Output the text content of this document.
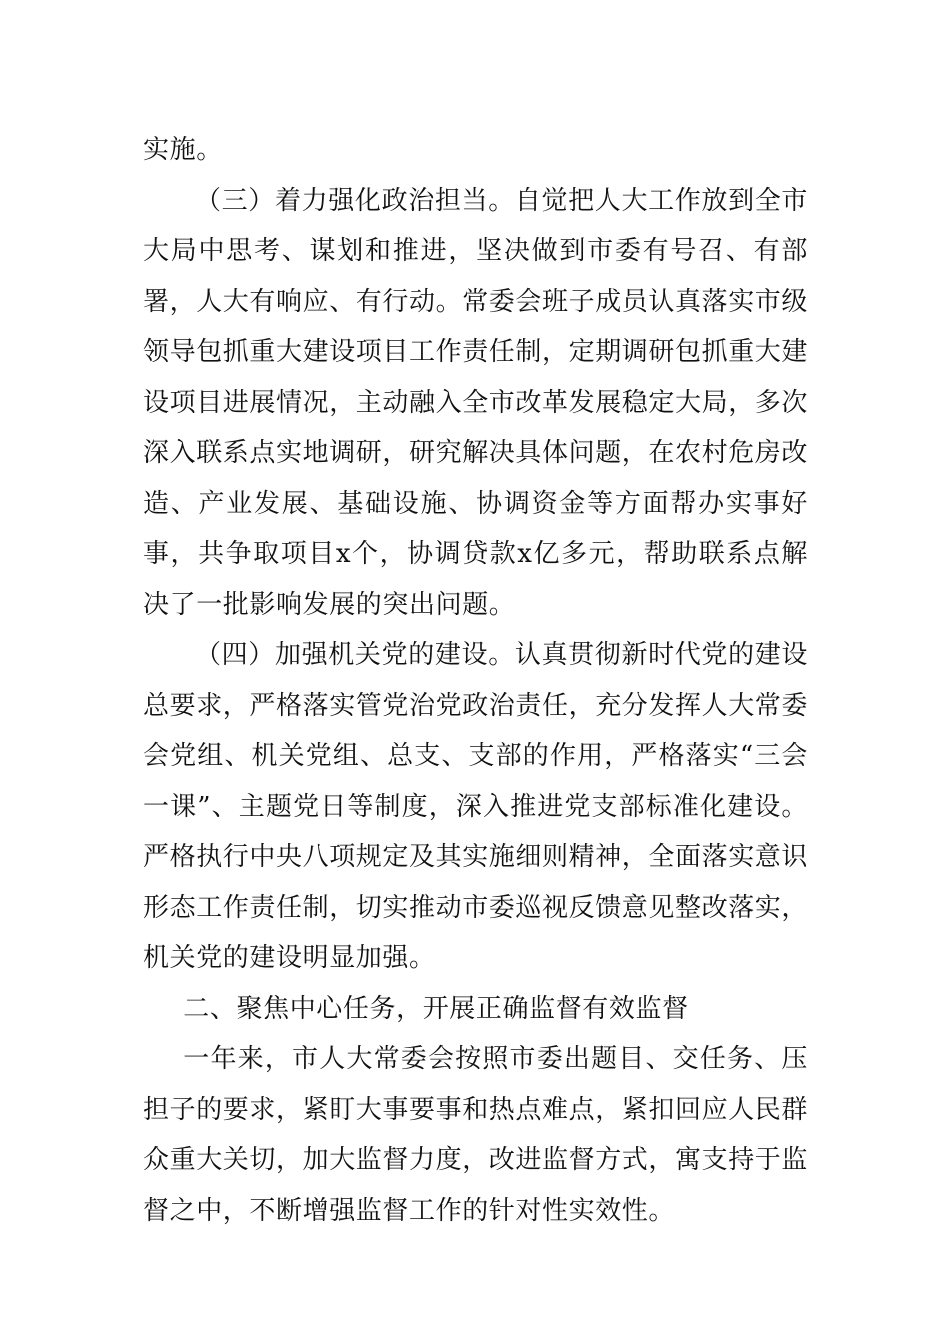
实施。

（三）着力强化政治担当。自觉把人大工作放到全市大局中思考、谋划和推进，坚决做到市委有号召、有部署，人大有响应、有行动。常委会班子成员认真落实市级领导包抓重大建设项目工作责任制，定期调研包抓重大建设项目进展情况，主动融入全市改革发展稳定大局，多次深入联系点实地调研，研究解决具体问题，在农村危房改造、产业发展、基础设施、协调资金等方面帮办实事好事，共争取项目x个，协调贷款x亿多元，帮助联系点解决了一批影响发展的突出问题。

（四）加强机关党的建设。认真贯彻新时代党的建设总要求，严格落实管党治党政治责任，充分发挥人大常委会党组、机关党组、总支、支部的作用，严格落实“三会一课”、主题党日等制度，深入推进党支部标准化建设。严格执行中央八项规定及其实施细则精神，全面落实意识形态工作责任制，切实推动市委巡视反馈意见整改落实，机关党的建设明显加强。

二、聚焦中心任务，开展正确监督有效监督

一年来，市人大常委会按照市委出题目、交任务、压担子的要求，紧盯大事要事和热点难点，紧扣回应人民群众重大关切，加大监督力度，改进监督方式，寓支持于监督之中，不断增强监督工作的针对性实效性。
